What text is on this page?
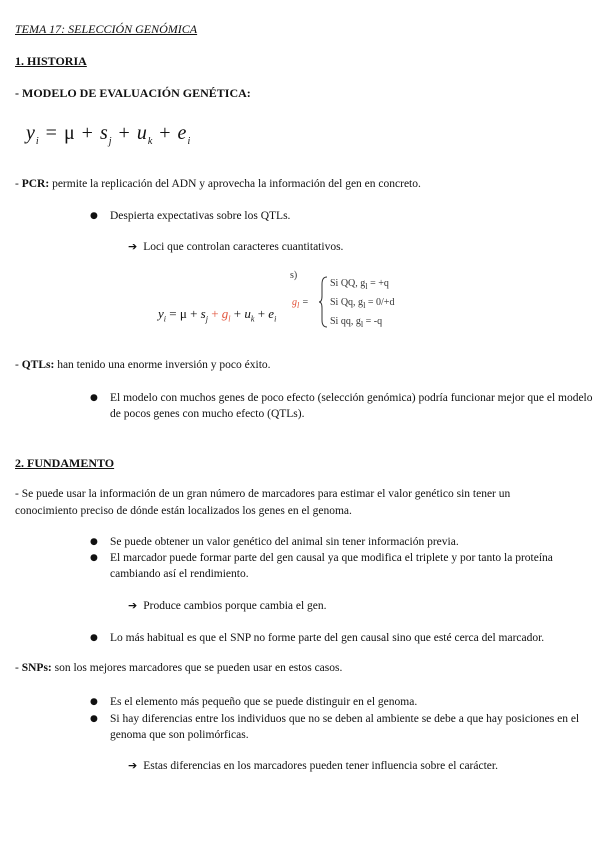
TEMA 17: SELECCIÓN GENÓMICA
1. HISTORIA
- MODELO DE EVALUACIÓN GENÉTICA:
$y_i = \mu + s_j + u_k + e_i$
- PCR: permite la replicación del ADN y aprovecha la información del gen en concreto.
● Despierta expectativas sobre los QTLs.
➔ Loci que controlan caracteres cuantitativos.
s)
$g_l$ =
Si QQ, $g_l = +q$
Si Qq, $g_l = 0/+d$
Si qq, $g_l = -q$
$y_i = \mu + s_j + g_l + u_k + e_i$
- QTLs: han tenido una enorme inversión y poco éxito.
● El modelo con muchos genes de poco efecto (selección genómica) podría funcionar mejor que el modelo de pocos genes con mucho efecto (QTLs).
2. FUNDAMENTO
- Se puede usar la información de un gran número de marcadores para estimar el valor genético sin tener un conocimiento preciso de dónde están localizados los genes en el genoma.
● Se puede obtener un valor genético del animal sin tener información previa.
● El marcador puede formar parte del gen causal ya que modifica el triplete y por tanto la proteína cambiando así el rendimiento.
➔ Produce cambios porque cambia el gen.
● Lo más habitual es que el SNP no forme parte del gen causal sino que esté cerca del marcador.
- SNPs: son los mejores marcadores que se pueden usar en estos casos.
● Es el elemento más pequeño que se puede distinguir en el genoma.
● Si hay diferencias entre los individuos que no se deben al ambiente se debe a que hay posiciones en el genoma que son polimórficas.
➔ Estas diferencias en los marcadores pueden tener influencia sobre el carácter.
